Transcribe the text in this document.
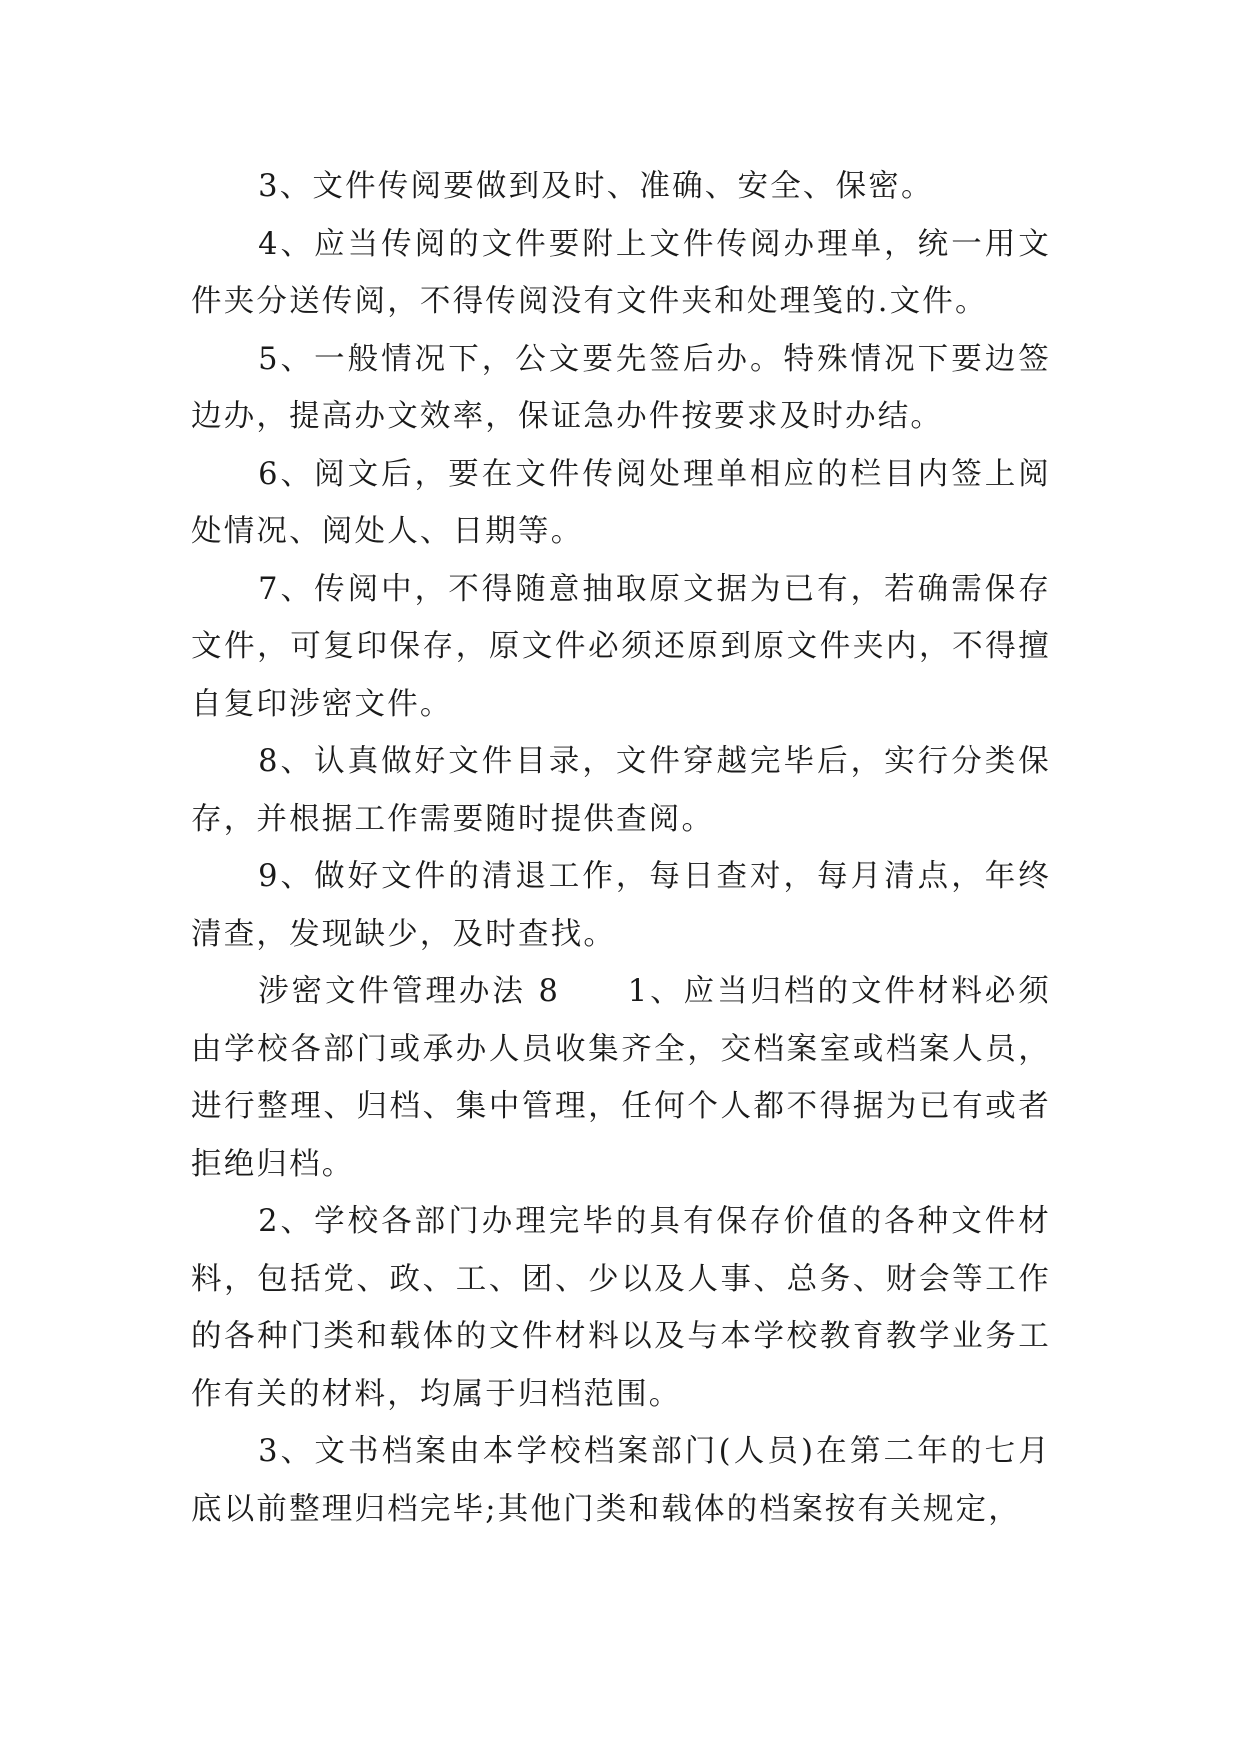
3、文件传阅要做到及时、准确、安全、保密。

4、应当传阅的文件要附上文件传阅办理单，统一用文件夹分送传阅，不得传阅没有文件夹和处理笺的.文件。

5、一般情况下，公文要先签后办。特殊情况下要边签边办，提高办文效率，保证急办件按要求及时办结。

6、阅文后，要在文件传阅处理单相应的栏目内签上阅处情况、阅处人、日期等。

7、传阅中，不得随意抽取原文据为已有，若确需保存文件，可复印保存，原文件必须还原到原文件夹内，不得擅自复印涉密文件。

8、认真做好文件目录，文件穿越完毕后，实行分类保存，并根据工作需要随时提供查阅。

9、做好文件的清退工作，每日查对，每月清点，年终清查，发现缺少，及时查找。

涉密文件管理办法 8　　1、应当归档的文件材料必须由学校各部门或承办人员收集齐全，交档案室或档案人员，进行整理、归档、集中管理，任何个人都不得据为已有或者拒绝归档。

2、学校各部门办理完毕的具有保存价值的各种文件材料，包括党、政、工、团、少以及人事、总务、财会等工作的各种门类和载体的文件材料以及与本学校教育教学业务工作有关的材料，均属于归档范围。

3、文书档案由本学校档案部门(人员)在第二年的七月底以前整理归档完毕;其他门类和载体的档案按有关规定，
